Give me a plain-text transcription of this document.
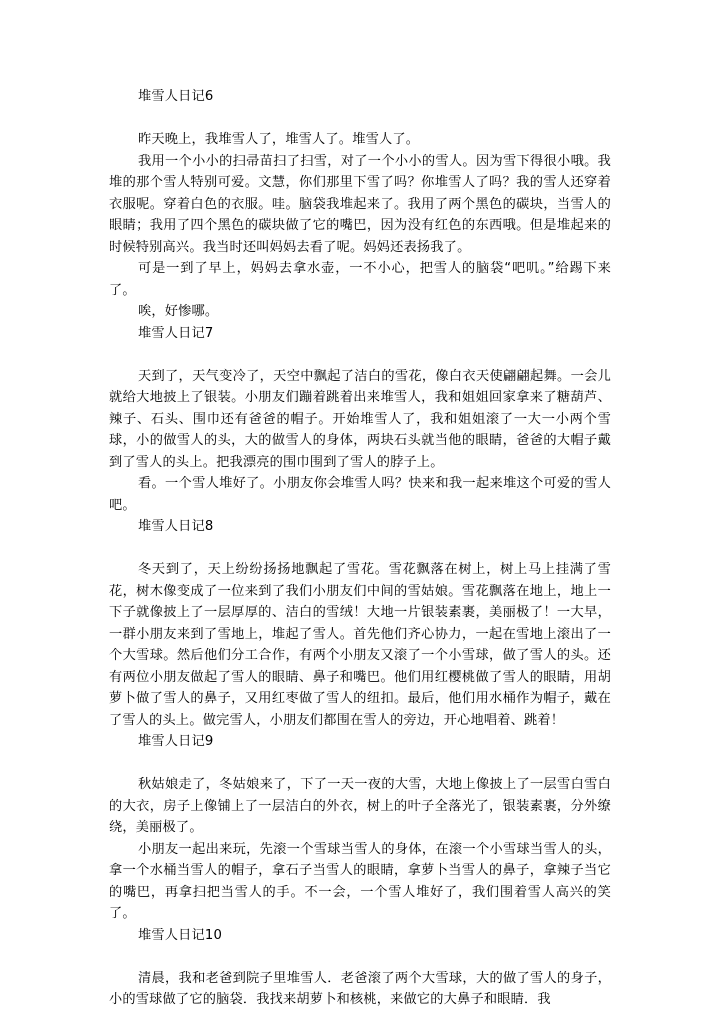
堆雪人日记6

昨天晚上，我堆雪人了，堆雪人了。堆雪人了。

我用一个小小的扫帚苗扫了扫雪，对了一个小小的雪人。因为雪下得很小哦。我堆的那个雪人特别可爱。文慧，你们那里下雪了吗？你堆雪人了吗？我的雪人还穿着衣服呢。穿着白色的衣服。哇。脑袋我堆起来了。我用了两个黑色的碳块，当雪人的眼睛；我用了四个黑色的碳块做了它的嘴巴，因为没有红色的东西哦。但是堆起来的时候特别高兴。我当时还叫妈妈去看了呢。妈妈还表扬我了。

可是一到了早上，妈妈去拿水壶，一不小心，把雪人的脑袋“吧叽。”给踢下来了。

唉，好惨哪。

堆雪人日记7

天到了，天气变冷了，天空中飘起了洁白的雪花，像白衣天使翩翩起舞。一会儿就给大地披上了银装。小朋友们蹦着跳着出来堆雪人，我和姐姐回家拿来了糖葫芦、辣子、石头、围巾还有爸爸的帽子。开始堆雪人了，我和姐姐滚了一大一小两个雪球，小的做雪人的头，大的做雪人的身体，两块石头就当他的眼睛，爸爸的大帽子戴到了雪人的头上。把我漂亮的围巾围到了雪人的脖子上。

看。一个雪人堆好了。小朋友你会堆雪人吗？快来和我一起来堆这个可爱的雪人吧。

堆雪人日记8

冬天到了，天上纷纷扬扬地飘起了雪花。雪花飘落在树上，树上马上挂满了雪花，树木像变成了一位来到了我们小朋友们中间的雪姑娘。雪花飘落在地上，地上一下子就像披上了一层厚厚的、洁白的雪绒！大地一片银装素裹，美丽极了！一大早，一群小朋友来到了雪地上，堆起了雪人。首先他们齐心协力，一起在雪地上滚出了一个大雪球。然后他们分工合作，有两个小朋友又滚了一个小雪球，做了雪人的头。还有两位小朋友做起了雪人的眼睛、鼻子和嘴巴。他们用红樱桃做了雪人的眼睛，用胡萝卜做了雪人的鼻子，又用红枣做了雪人的纽扣。最后，他们用水桶作为帽子，戴在了雪人的头上。做完雪人，小朋友们都围在雪人的旁边，开心地唱着、跳着！

堆雪人日记9

秋姑娘走了，冬姑娘来了，下了一天一夜的大雪，大地上像披上了一层雪白雪白的大衣，房子上像铺上了一层洁白的外衣，树上的叶子全落光了，银装素裹，分外缭绕，美丽极了。

小朋友一起出来玩，先滚一个雪球当雪人的身体，在滚一个小雪球当雪人的头，拿一个水桶当雪人的帽子，拿石子当雪人的眼睛，拿萝卜当雪人的鼻子，拿辣子当它的嘴巴，再拿扫把当雪人的手。不一会，一个雪人堆好了，我们围着雪人高兴的笑了。

堆雪人日记10

清晨，我和老爸到院子里堆雪人．老爸滚了两个大雪球，大的做了雪人的身子，小的雪球做了它的脑袋．我找来胡萝卜和核桃，来做它的大鼻子和眼睛．我
